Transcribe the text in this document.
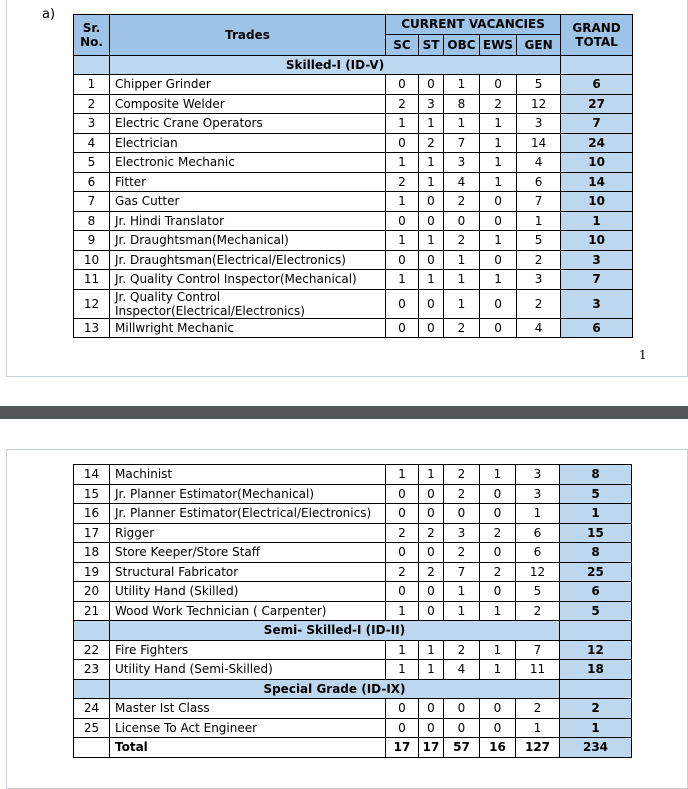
a)
1
Sr. No.	Trades	CURRENT VACANCIES					GRAND TOTAL
		SC	ST	OBC	EWS	GEN	
	Skilled-I (ID-V)						
1	Chipper Grinder	0	0	1	0	5	6
2	Composite Welder	2	3	8	2	12	27
3	Electric Crane Operators	1	1	1	1	3	7
4	Electrician	0	2	7	1	14	24
5	Electronic Mechanic	1	1	3	1	4	10
6	Fitter	2	1	4	1	6	14
7	Gas Cutter	1	0	2	0	7	10
8	Jr. Hindi Translator	0	0	0	0	1	1
9	Jr. Draughtsman(Mechanical)	1	1	2	1	5	10
10	Jr. Draughtsman(Electrical/Electronics)	0	0	1	0	2	3
11	Jr. Quality Control Inspector(Mechanical)	1	1	1	1	3	7
12	Jr. Quality Control Inspector(Electrical/Electronics)	0	0	1	0	2	3
13	Millwright Mechanic	0	0	2	0	4	6
14	Machinist	1	1	2	1	3	8
15	Jr. Planner Estimator(Mechanical)	0	0	2	0	3	5
16	Jr. Planner Estimator(Electrical/Electronics)	0	0	0	0	1	1
17	Rigger	2	2	3	2	6	15
18	Store Keeper/Store Staff	0	0	2	0	6	8
19	Structural Fabricator	2	2	7	2	12	25
20	Utility Hand (Skilled)	0	0	1	0	5	6
21	Wood Work Technician ( Carpenter)	1	0	1	1	2	5
	Semi- Skilled-I (ID-II)						
22	Fire Fighters	1	1	2	1	7	12
23	Utility Hand (Semi-Skilled)	1	1	4	1	11	18
	Special Grade (ID-IX)						
24	Master Ist Class	0	0	0	0	2	2
25	License To Act Engineer	0	0	0	0	1	1
	Total	17	17	57	16	127	234
